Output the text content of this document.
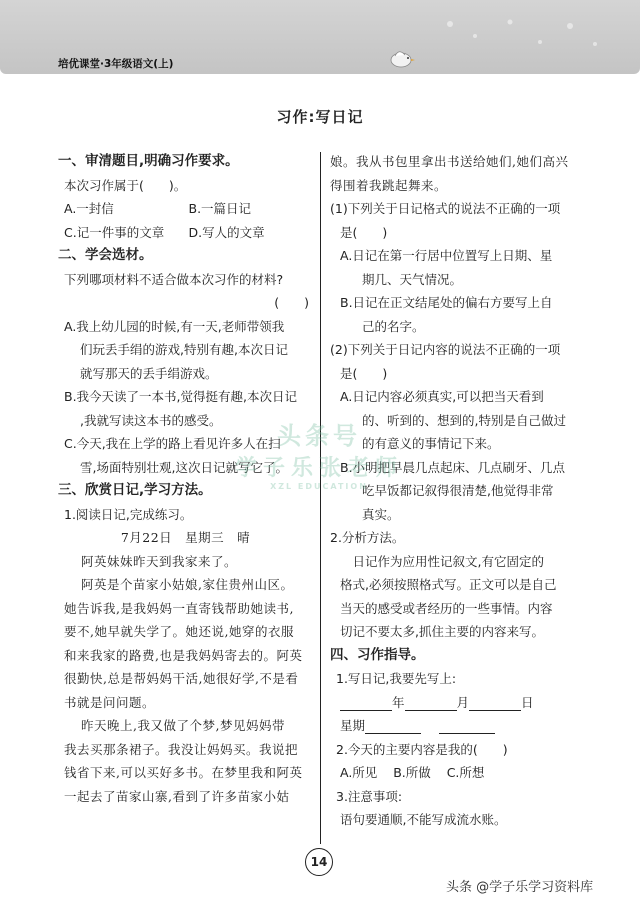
培优课堂·3年级语文(上)
习作:写日记
一、审清题目,明确习作要求。
本次习作属于(　　)。
A.一封信	B.一篇日记
C.记一件事的文章	D.写人的文章
二、学会选材。
下列哪项材料不适合做本次习作的材料?
(　　)
A.我上幼儿园的时候,有一天,老师带领我
们玩丢手绢的游戏,特别有趣,本次日记
就写那天的丢手绢游戏。
B.我今天读了一本书,觉得挺有趣,本次日记
,我就写读这本书的感受。
C.今天,我在上学的路上看见许多人在扫
雪,场面特别壮观,这次日记就写它了。
三、欣赏日记,学习方法。
1.阅读日记,完成练习。
7月22日　星期三　晴
　阿英妹妹昨天到我家来了。
　阿英是个苗家小姑娘,家住贵州山区。
她告诉我,是我妈妈一直寄钱帮助她读书,
要不,她早就失学了。她还说,她穿的衣服
和来我家的路费,也是我妈妈寄去的。阿英
很勤快,总是帮妈妈干活,她很好学,不是看
书就是问问题。
　昨天晚上,我又做了个梦,梦见妈妈带
我去买那条裙子。我没让妈妈买。我说把
钱省下来,可以买好多书。在梦里我和阿英
一起去了苗家山寨,看到了许多苗家小姑
娘。我从书包里拿出书送给她们,她们高兴
得围着我跳起舞来。
(1)下列关于日记格式的说法不正确的一项
是(　　)
A.日记在第一行居中位置写上日期、星
期几、天气情况。
B.日记在正文结尾处的偏右方要写上自
己的名字。
(2)下列关于日记内容的说法不正确的一项
是(　　)
A.日记内容必须真实,可以把当天看到
的、听到的、想到的,特别是自己做过
的有意义的事情记下来。
B.小明把早晨几点起床、几点刷牙、几点
吃早饭都记叙得很清楚,他觉得非常
真实。
2.分析方法。
　日记作为应用性记叙文,有它固定的
格式,必须按照格式写。正文可以是自己
当天的感受或者经历的一些事情。内容
切记不要太多,抓住主要的内容来写。
四、习作指导。
1.写日记,我要先写上:
年	月	日
星期
2.今天的主要内容是我的(　　)
A.所见 B.所做 C.所想
3.注意事项:
语句要通顺,不能写成流水账。
头条号
学子乐张老师
XZL EDUCATION
14
头条 @学子乐学习资料库
